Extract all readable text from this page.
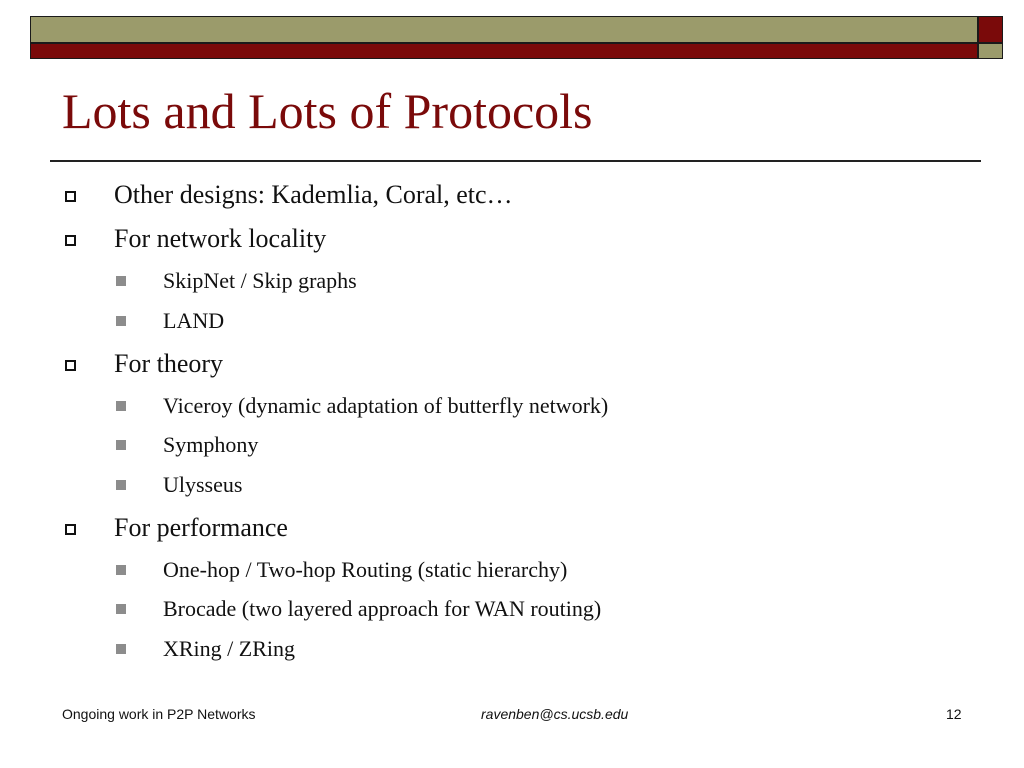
Lots and Lots of Protocols
Other designs: Kademlia, Coral, etc…
For network locality
SkipNet / Skip graphs
LAND
For theory
Viceroy (dynamic adaptation of butterfly network)
Symphony
Ulysseus
For performance
One-hop / Two-hop Routing (static hierarchy)
Brocade (two layered approach for WAN routing)
XRing / ZRing
Ongoing work in P2P Networks	ravenben@cs.ucsb.edu	12
